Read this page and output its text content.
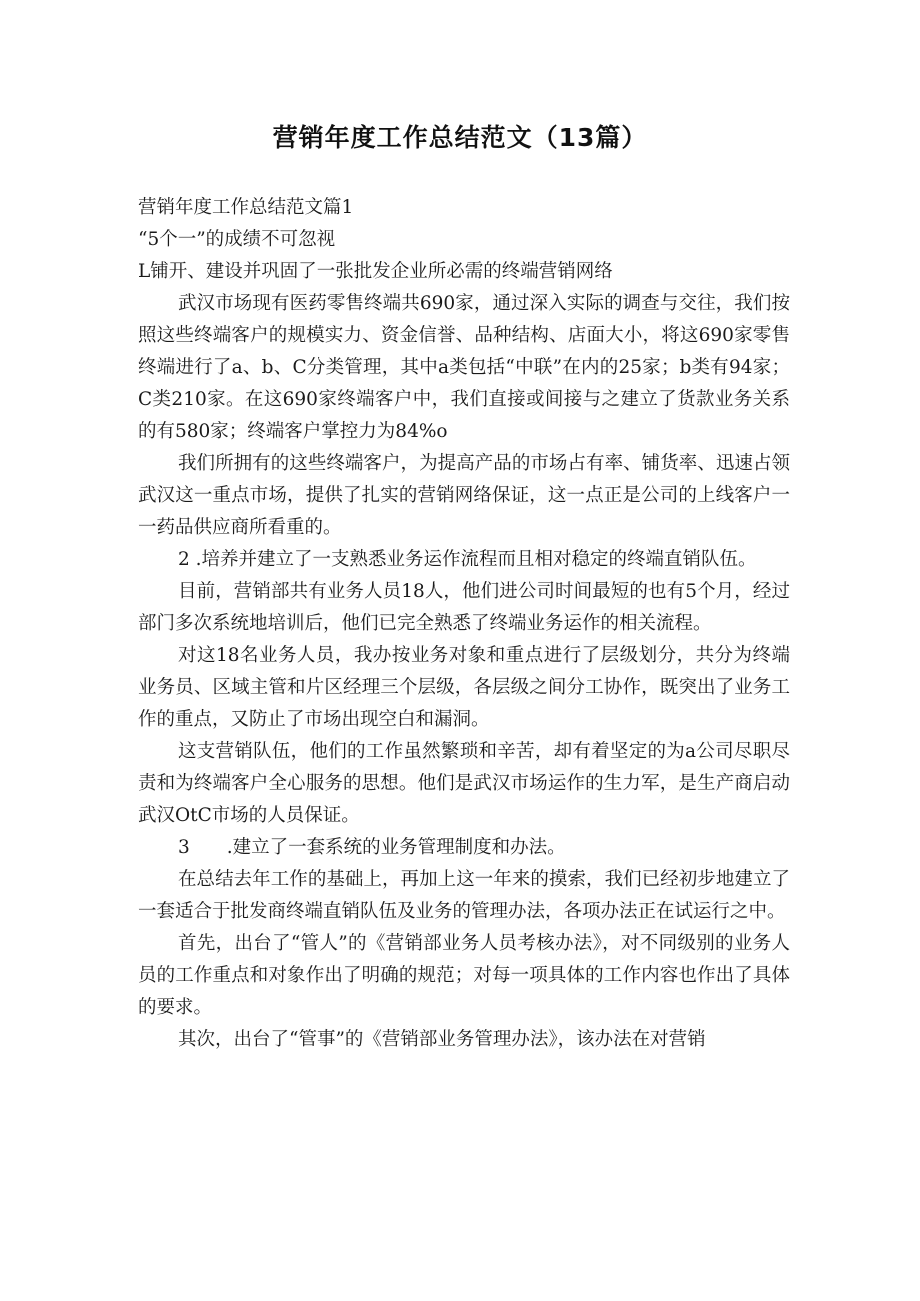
营销年度工作总结范文（13篇）

营销年度工作总结范文篇1

“5个一”的成绩不可忽视

L铺开、建设并巩固了一张批发企业所必需的终端营销网络

武汉市场现有医药零售终端共690家，通过深入实际的调查与交往，我们按照这些终端客户的规模实力、资金信誉、品种结构、店面大小，将这690家零售终端进行了a、b、C分类管理，其中a类包括“中联”在内的25家；b类有94家；C类210家。在这690家终端客户中，我们直接或间接与之建立了货款业务关系的有580家；终端客户掌控力为84%o

我们所拥有的这些终端客户，为提高产品的市场占有率、铺货率、迅速占领武汉这一重点市场，提供了扎实的营销网络保证，这一点正是公司的上线客户一一药品供应商所看重的。

2 .培养并建立了一支熟悉业务运作流程而且相对稳定的终端直销队伍。

目前，营销部共有业务人员18人，他们进公司时间最短的也有5个月，经过部门多次系统地培训后，他们已完全熟悉了终端业务运作的相关流程。

对这18名业务人员，我办按业务对象和重点进行了层级划分，共分为终端业务员、区域主管和片区经理三个层级，各层级之间分工协作，既突出了业务工作的重点，又防止了市场出现空白和漏洞。

这支营销队伍，他们的工作虽然繁琐和辛苦，却有着坚定的为a公司尽职尽责和为终端客户全心服务的思想。他们是武汉市场运作的生力军，是生产商启动武汉OtC市场的人员保证。

3　　.建立了一套系统的业务管理制度和办法。

在总结去年工作的基础上，再加上这一年来的摸索，我们已经初步地建立了一套适合于批发商终端直销队伍及业务的管理办法，各项办法正在试运行之中。

首先，出台了“管人”的《营销部业务人员考核办法》，对不同级别的业务人员的工作重点和对象作出了明确的规范；对每一项具体的工作内容也作出了具体的要求。

其次，出台了“管事”的《营销部业务管理办法》，该办法在对营销
